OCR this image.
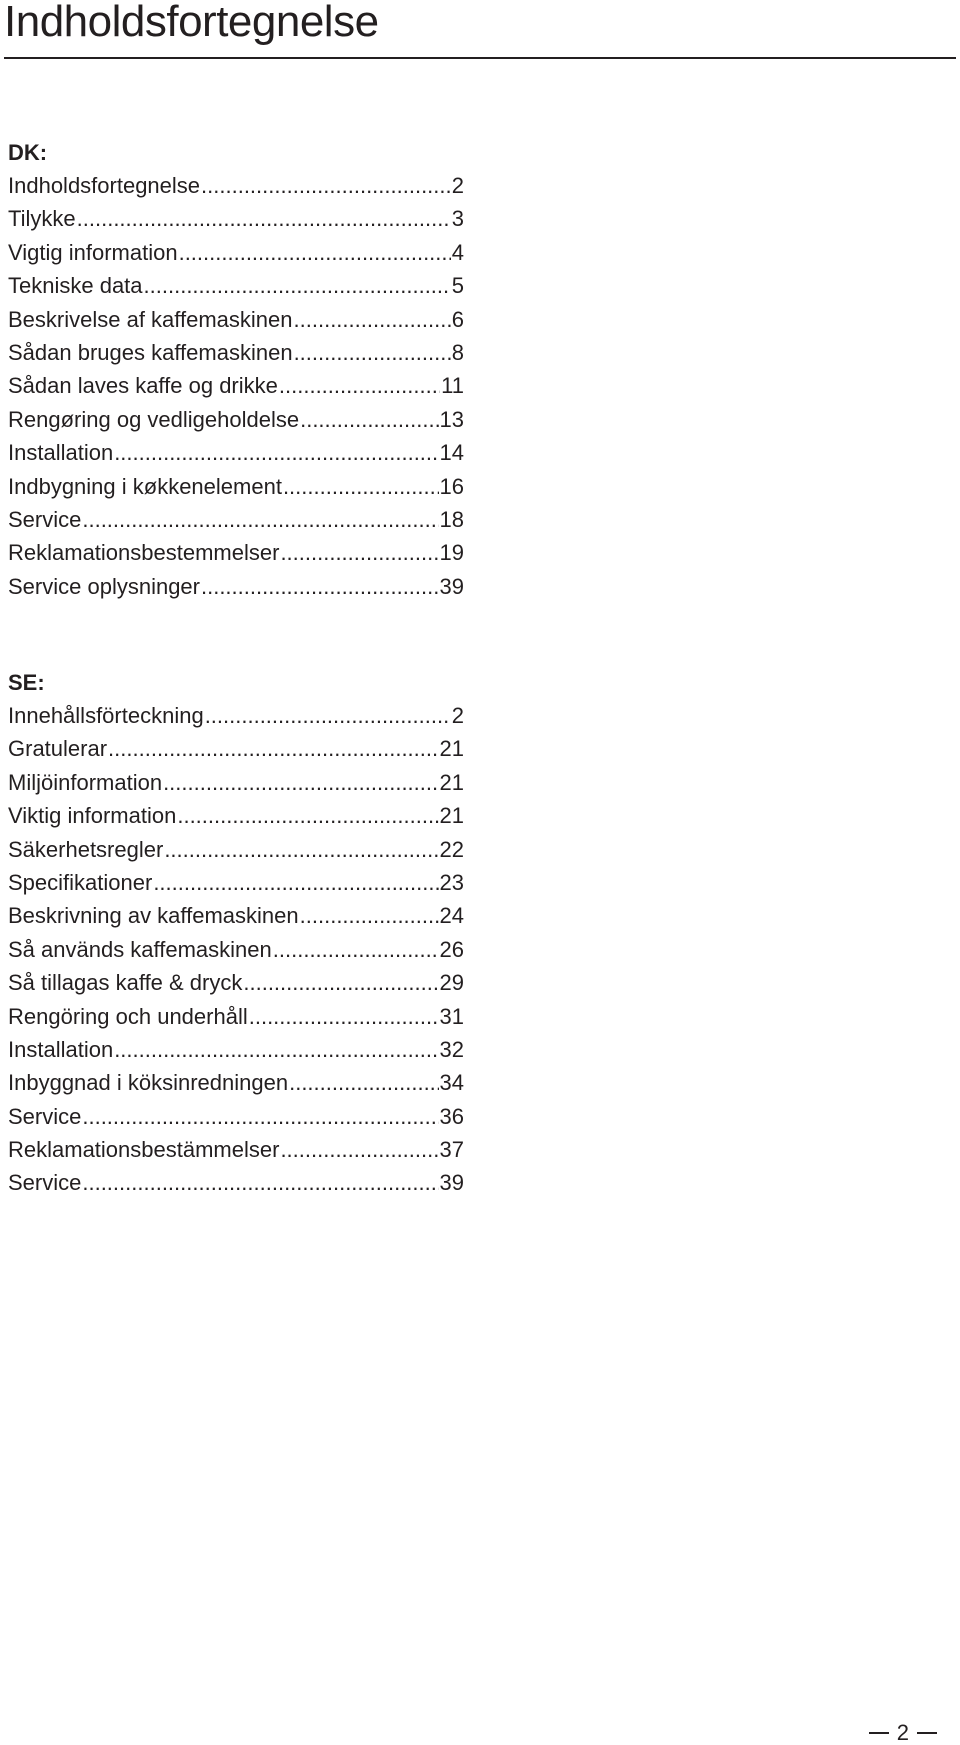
Indholdsfortegnelse
DK:
Indholdsfortegnelse .....	2
Tilykke .....	3
Vigtig information .....	4
Tekniske data .....	5
Beskrivelse af kaffemaskinen .....	6
Sådan bruges kaffemaskinen .....	8
Sådan laves kaffe og drikke .....	11
Rengøring og vedligeholdelse .....	13
Installation .....	14
Indbygning i køkkenelement .....	16
Service .....	18
Reklamationsbestemmelser .....	19
Service oplysninger .....	39
SE:
Innehållsförteckning .....	2
Gratulerar .....	21
Miljöinformation .....	21
Viktig information .....	21
Säkerhetsregler .....	22
Specifikationer .....	23
Beskrivning av kaffemaskinen .....	24
Så används kaffemaskinen .....	26
Så tillagas kaffe & dryck .....	29
Rengöring och underhåll .....	31
Installation .....	32
Inbyggnad i köksinredningen .....	34
Service .....	36
Reklamationsbestämmelser .....	37
Service .....	39
2
